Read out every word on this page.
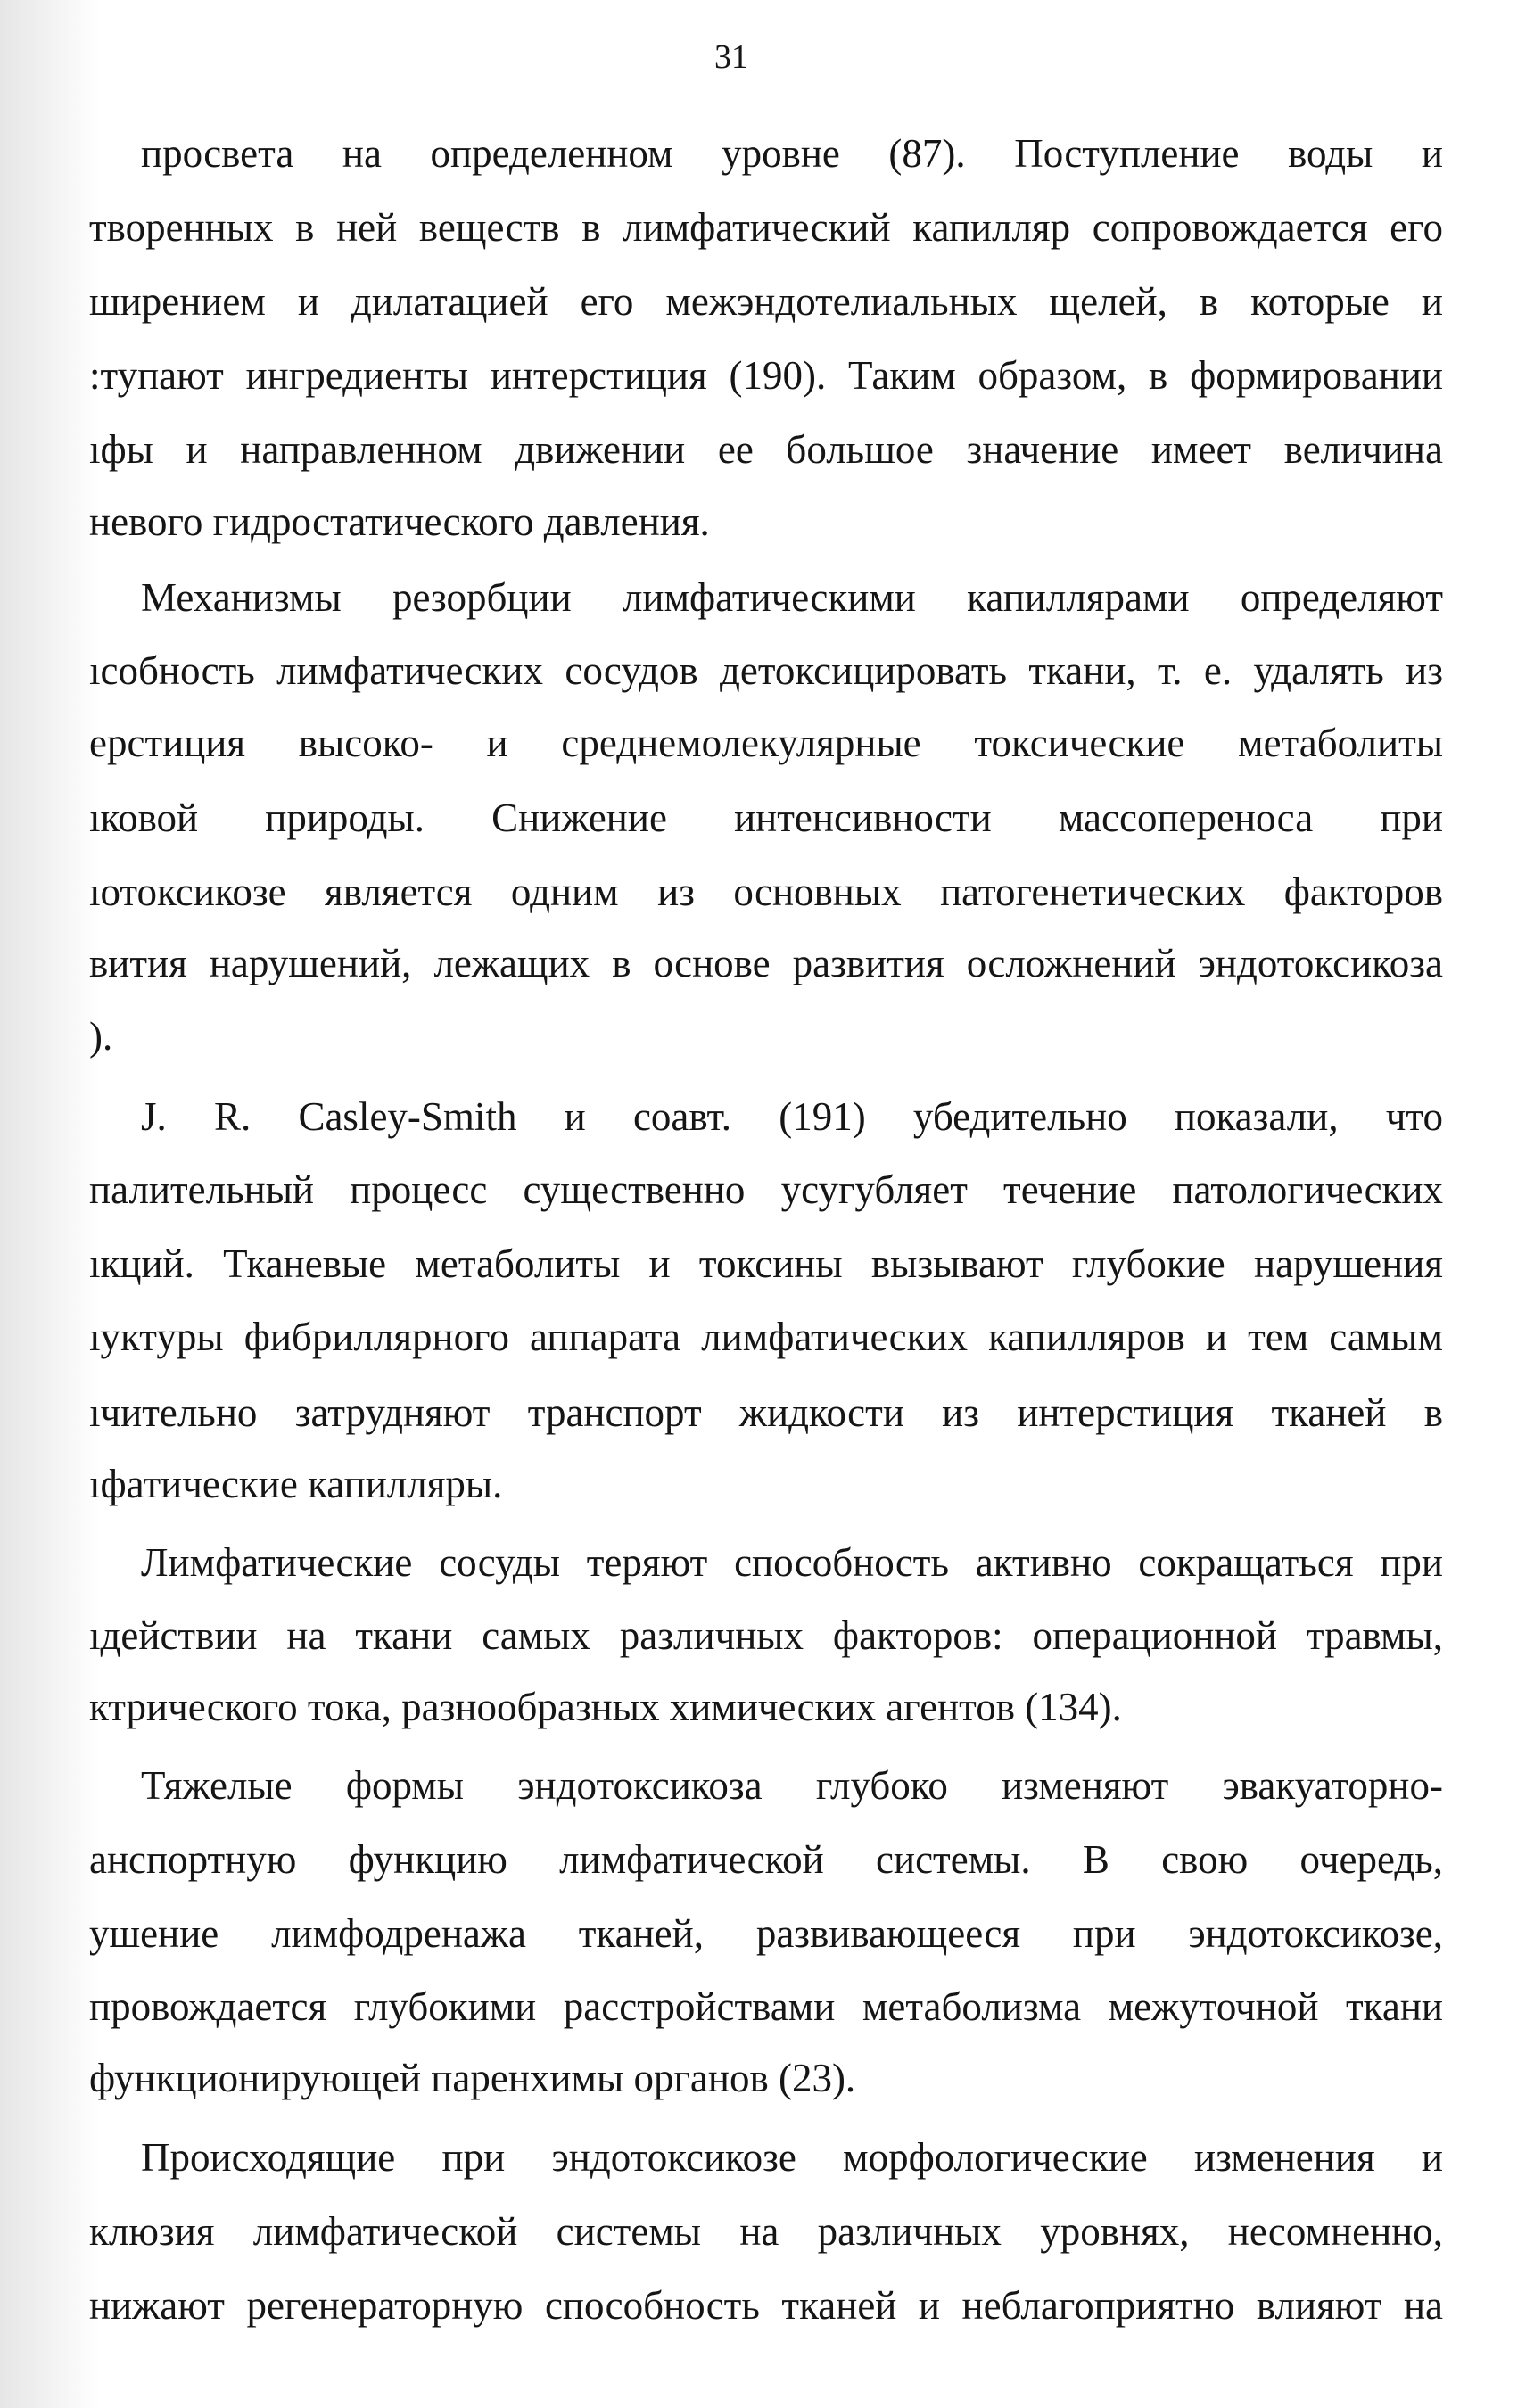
31
просвета на определенном уровне (87). Поступление воды и
творенных в ней веществ в лимфатический капилляр сопровождается его
ширением и дилатацией его межэндотелиальных щелей, в которые и
:тупают ингредиенты интерстиция (190). Таким образом, в формировании
ıфы и направленном движении ее большое значение имеет величина
невого гидростатического давления.
Механизмы резорбции лимфатическими капиллярами определяют
ıсобность лимфатических сосудов детоксицировать ткани, т. е. удалять из
ерстиция высоко- и среднемолекулярные токсические метаболиты
ıковой природы. Снижение интенсивности массопереноса при
ıотоксикозе является одним из основных патогенетических факторов
вития нарушений, лежащих в основе развития осложнений эндотоксикоза
).
J. R. Casley-Smith и соавт. (191) убедительно показали, что
палительный процесс существенно усугубляет течение патологических
ıкций. Тканевые метаболиты и токсины вызывают глубокие нарушения
ıуктуры фибриллярного аппарата лимфатических капилляров и тем самым
ıчительно затрудняют транспорт жидкости из интерстиция тканей в
ıфатические капилляры.
Лимфатические сосуды теряют способность активно сокращаться при
ıдействии на ткани самых различных факторов: операционной травмы,
ктрического тока, разнообразных химических агентов (134).
Тяжелые формы эндотоксикоза глубоко изменяют эвакуаторно-
анспортную функцию лимфатической системы. В свою очередь,
ушение лимфодренажа тканей, развивающееся при эндотоксикозе,
провождается глубокими расстройствами метаболизма межуточной ткани
функционирующей паренхимы органов (23).
Происходящие при эндотоксикозе морфологические изменения и
клюзия лимфатической системы на различных уровнях, несомненно,
нижают регенераторную способность тканей и неблагоприятно влияют на
